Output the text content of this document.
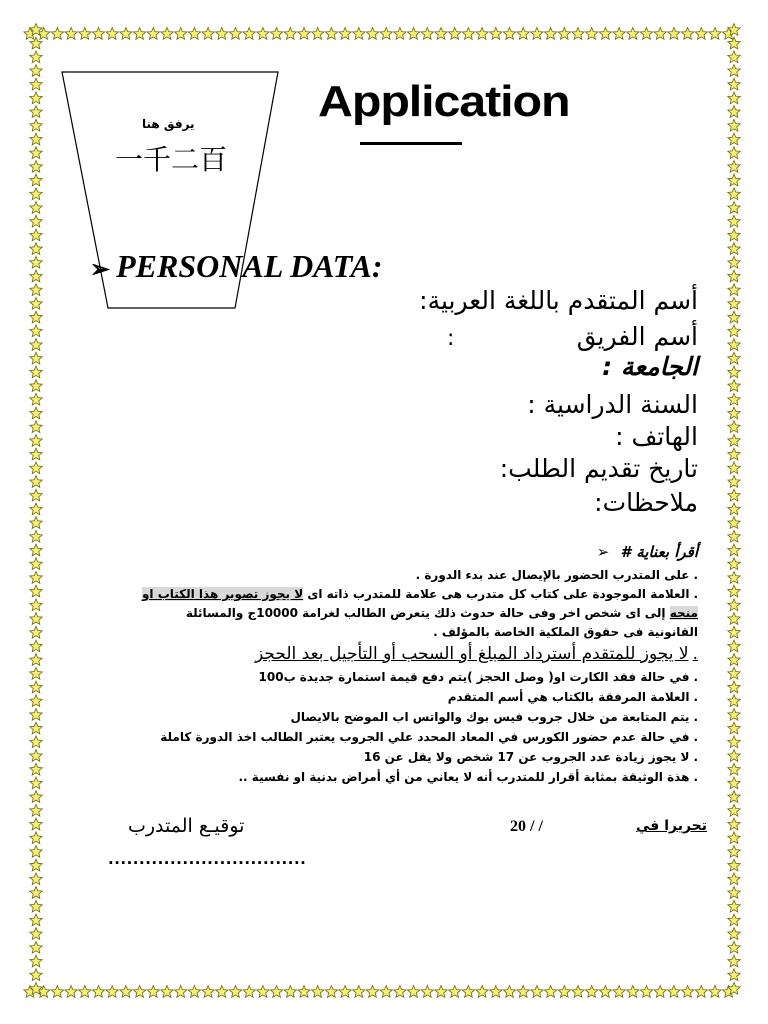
يرفق هنا
一千二百
Application
➢ PERSONAL DATA:
أسم المتقدم باللغة العربية:
أسم الفريق
:
الجامعة :
السنة الدراسية :
الهاتف :
تاريخ تقديم الطلب:
ملاحظات:
أقرأ بعناية # ➢
.على المتدرب الحضور بالإيصال عند بدء الدورة .
.العلامة الموجودة على كتاب كل متدرب هى علامة للمتدرب ذاته اى لا يجوز تصوير هذا الكتاب او
منحه إلى اى شخص اخر وفى حالة حدوث ذلك يتعرض الطالب لغرامة 10000ج والمسائلة
القانونية فى حقوق الملكية الخاصة بالمؤلف .
.لا يجوز للمتقدم أسترداد المبلغ أو السحب أو التأجيل بعد الحجز
.في حالة فقد الكارت او( وصل الحجز )يتم دفع قيمة استمارة جديدة ب100
.العلامة المرفقة بالكتاب هي أسم المتقدم
.يتم المتابعة من خلال جروب فيس بوك والواتس اب الموضح بالايصال
.في حالة عدم حضور الكورس في المعاد المحدد علي الجروب يعتبر الطالب اخذ الدورة كاملة
.لا يجوز زيادة عدد الجروب عن 17 شخص ولا يقل عن 16
.هذة الوثيقة بمثابة أقرار للمتدرب أنه لا يعاني من أي أمراض بدنية او نفسية ..
توقيـع المتدرب	20 / /	تحريرا في
................................
